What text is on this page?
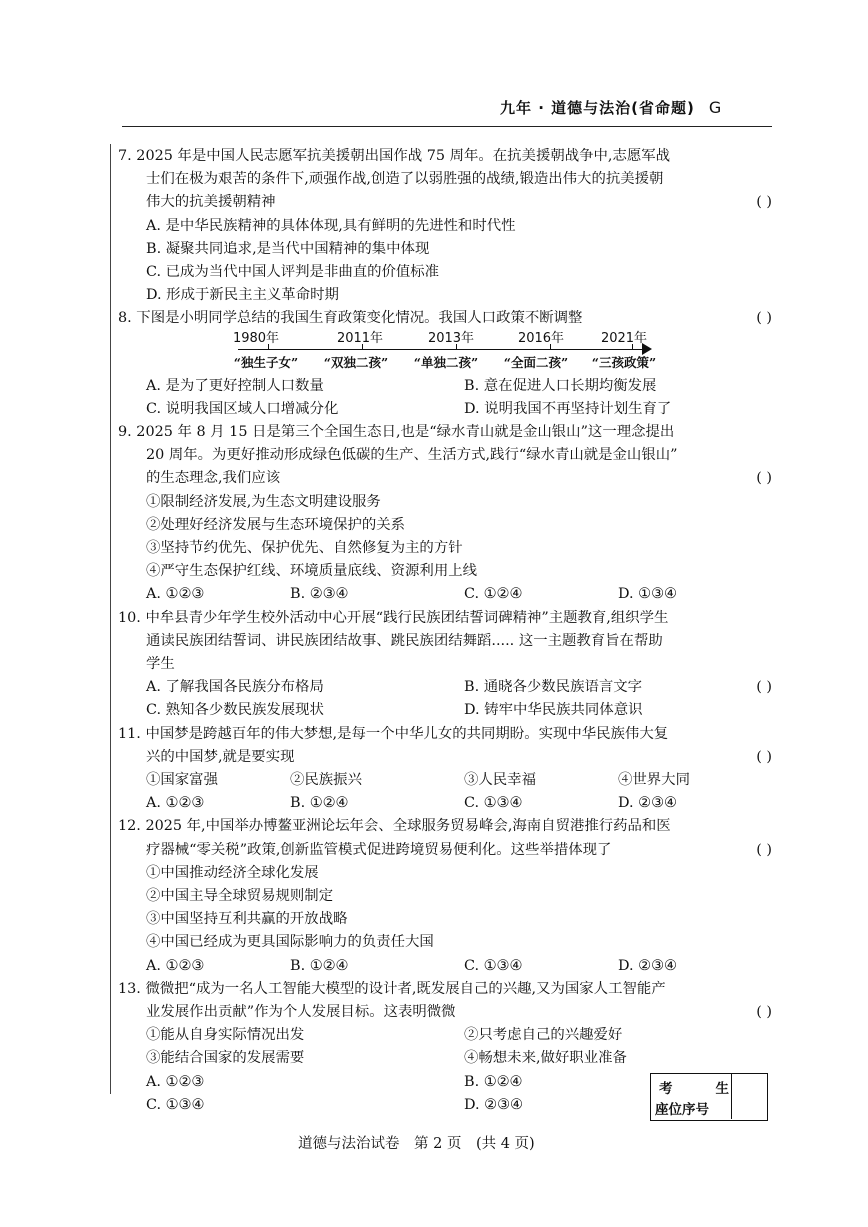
九年 · 道德与法治(省命题) G
7. 2025 年是中国人民志愿军抗美援朝出国作战 75 周年。在抗美援朝战争中,志愿军战
士们在极为艰苦的条件下,顽强作战,创造了以弱胜强的战绩,锻造出伟大的抗美援朝
伟大的抗美援朝精神	( )
A. 是中华民族精神的具体体现,具有鲜明的先进性和时代性
B. 凝聚共同追求,是当代中国精神的集中体现
C. 已成为当代中国人评判是非曲直的价值标准
D. 形成于新民主主义革命时期
8. 下图是小明同学总结的我国生育政策变化情况。我国人口政策不断调整	( )
1980年	2011年	2013年	2016年	2021年
“独生子女” “双独二孩” “单独二孩” “全面二孩” “三孩政策”
A. 是为了更好控制人口数量	B. 意在促进人口长期均衡发展
C. 说明我国区域人口增减分化	D. 说明我国不再坚持计划生育了
9. 2025 年 8 月 15 日是第三个全国生态日,也是“绿水青山就是金山银山”这一理念提出
20 周年。为更好推动形成绿色低碳的生产、生活方式,践行“绿水青山就是金山银山”
的生态理念,我们应该	( )
①限制经济发展,为生态文明建设服务
②处理好经济发展与生态环境保护的关系
③坚持节约优先、保护优先、自然修复为主的方针
④严守生态保护红线、环境质量底线、资源利用上线
A. ①②③	B. ②③④	C. ①②④	D. ①③④
10. 中牟县青少年学生校外活动中心开展“践行民族团结誓词碑精神”主题教育,组织学生
通读民族团结誓词、讲民族团结故事、跳民族团结舞蹈..... 这一主题教育旨在帮助
学生
( )
A. 了解我国各民族分布格局	B. 通晓各少数民族语言文字
C. 熟知各少数民族发展现状	D. 铸牢中华民族共同体意识
11. 中国梦是跨越百年的伟大梦想,是每一个中华儿女的共同期盼。实现中华民族伟大复
兴的中国梦,就是要实现	( )
①国家富强	②民族振兴	③人民幸福	④世界大同
A. ①②③	B. ①②④	C. ①③④	D. ②③④
12. 2025 年,中国举办博鳌亚洲论坛年会、全球服务贸易峰会,海南自贸港推行药品和医
疗器械“零关税”政策,创新监管模式促进跨境贸易便利化。这些举措体现了	( )
①中国推动经济全球化发展
②中国主导全球贸易规则制定
③中国坚持互利共赢的开放战略
④中国已经成为更具国际影响力的负责任大国
A. ①②③	B. ①②④	C. ①③④	D. ②③④
13. 微微把“成为一名人工智能大模型的设计者,既发展自己的兴趣,又为国家人工智能产
业发展作出贡献”作为个人发展目标。这表明微微	( )
①能从自身实际情况出发	②只考虑自己的兴趣爱好
③能结合国家的发展需要	④畅想未来,做好职业准备
A. ①②③	B. ①②④
C. ①③④	D. ②③④
考	生
座位序号
道德与法治试卷　第 2 页　(共 4 页)
